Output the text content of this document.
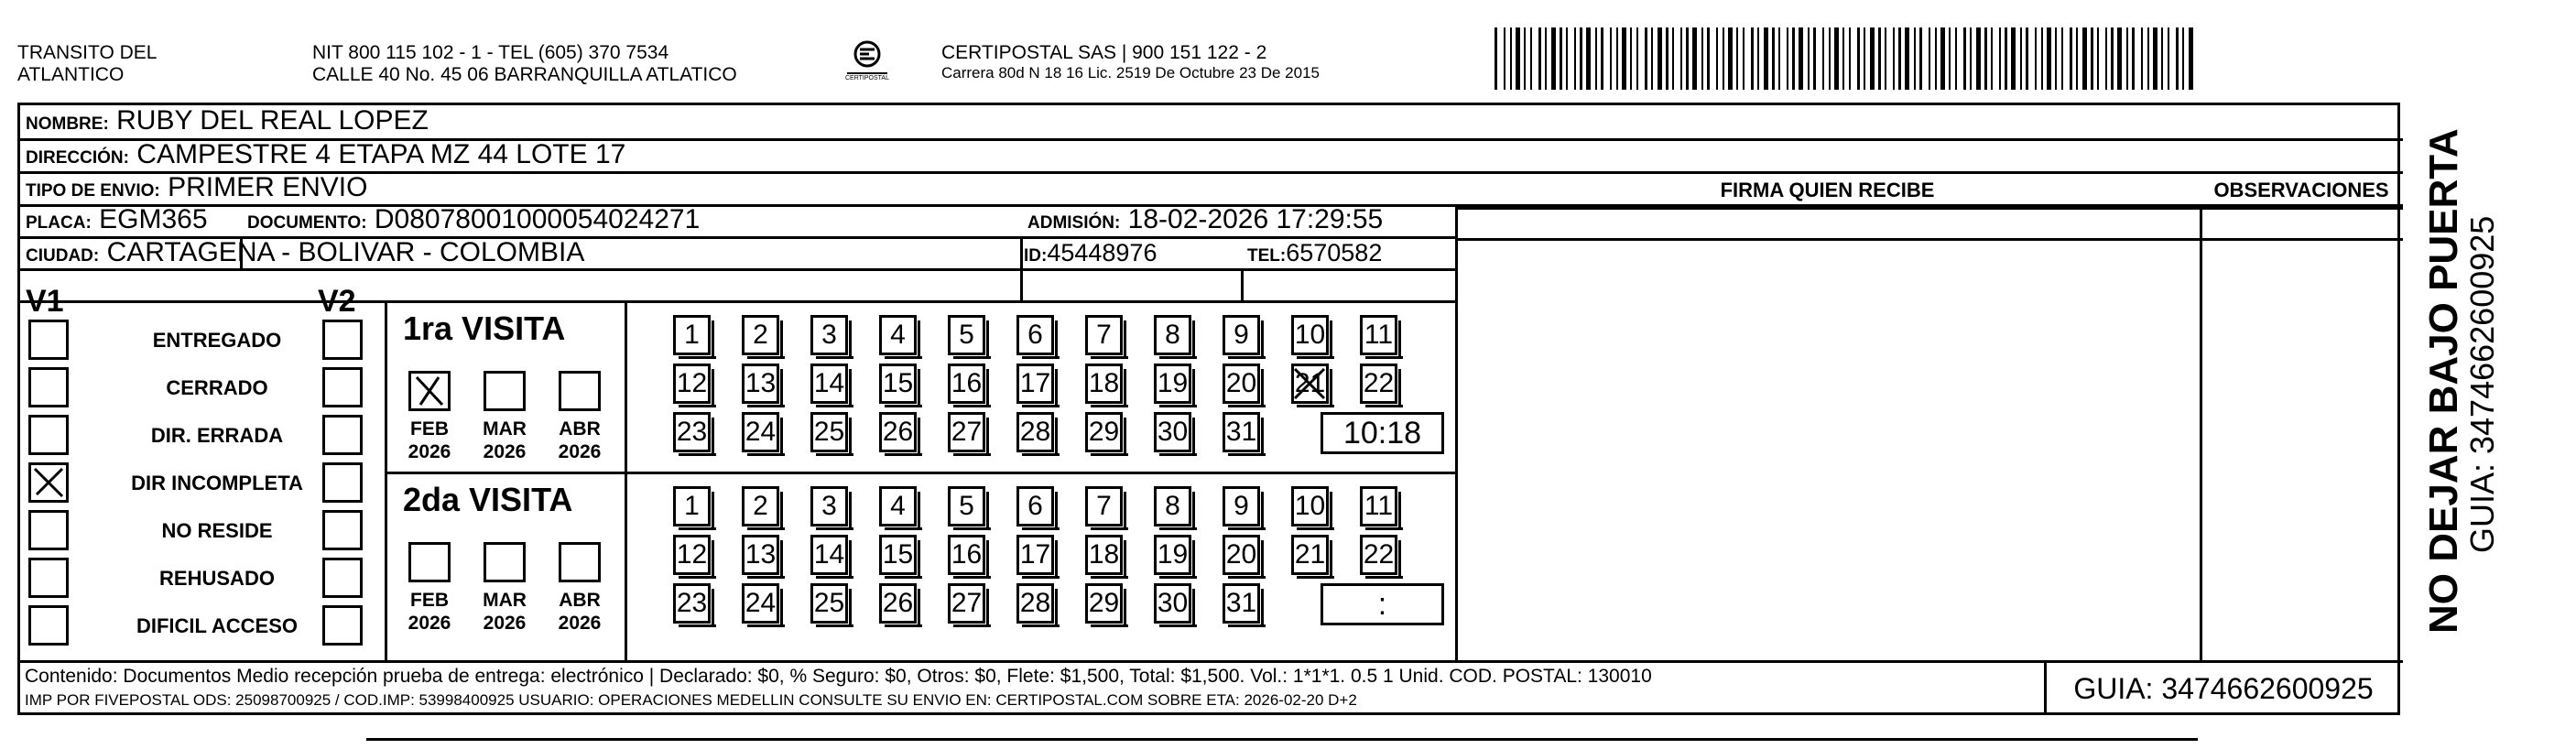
TRANSITO DEL
ATLANTICO
NIT 800 115 102 - 1 - TEL (605) 370 7534
CALLE 40 No. 45 06 BARRANQUILLA ATLATICO	CERTIPOSTAL
CERTIPOSTAL SAS | 900 151 122 - 2
Carrera 80d N 18 16 Lic. 2519 De Octubre 23 De 2015
NOMBRE: RUBY DEL REAL LOPEZ
DIRECCIÓN: CAMPESTRE 4 ETAPA MZ 44 LOTE 17
TIPO DE ENVIO: PRIMER ENVIO	FIRMA QUIEN RECIBE	OBSERVACIONES
PLACA: EGM365 DOCUMENTO: D08078001000054024271	ADMISIÓN: 18-02-2026 17:29:55
CIUDAD: CARTAGENA - BOLIVAR - COLOMBIA	ID:45448976	TEL:6570582
V1	V2
ENTREGADO
CERRADO
DIR. ERRADA
DIR INCOMPLETA
NO RESIDE
REHUSADO
DIFICIL ACCESO
1ra VISITA
FEB
2026
MAR
2026
ABR
2026
1	2	3	4	5	6	7	8	9	10 11
12 13 14 15 16 17 18 19 20 21 22
23 24 25 26 27 28 29 30 31	10:18
2da VISITA
FEB
2026
MAR
2026
ABR
2026
1	2	3	4	5	6	7	8	9	10 11
12 13 14 15 16 17 18 19 20 21 22
23 24 25 26 27 28 29 30 31	:
Contenido: Documentos Medio recepción prueba de entrega: electrónico | Declarado: $0, % Seguro: $0, Otros: $0, Flete: $1,500, Total: $1,500. Vol.: 1*1*1. 0.5 1 Unid. COD. POSTAL: 130010
IMP POR FIVEPOSTAL ODS: 25098700925 / COD.IMP: 53998400925 USUARIO: OPERACIONES MEDELLIN CONSULTE SU ENVIO EN: CERTIPOSTAL.COM SOBRE ETA: 2026-02-20 D+2	GUIA: 3474662600925
NO DEJAR BAJO PUERTA
GUIA: 3474662600925
